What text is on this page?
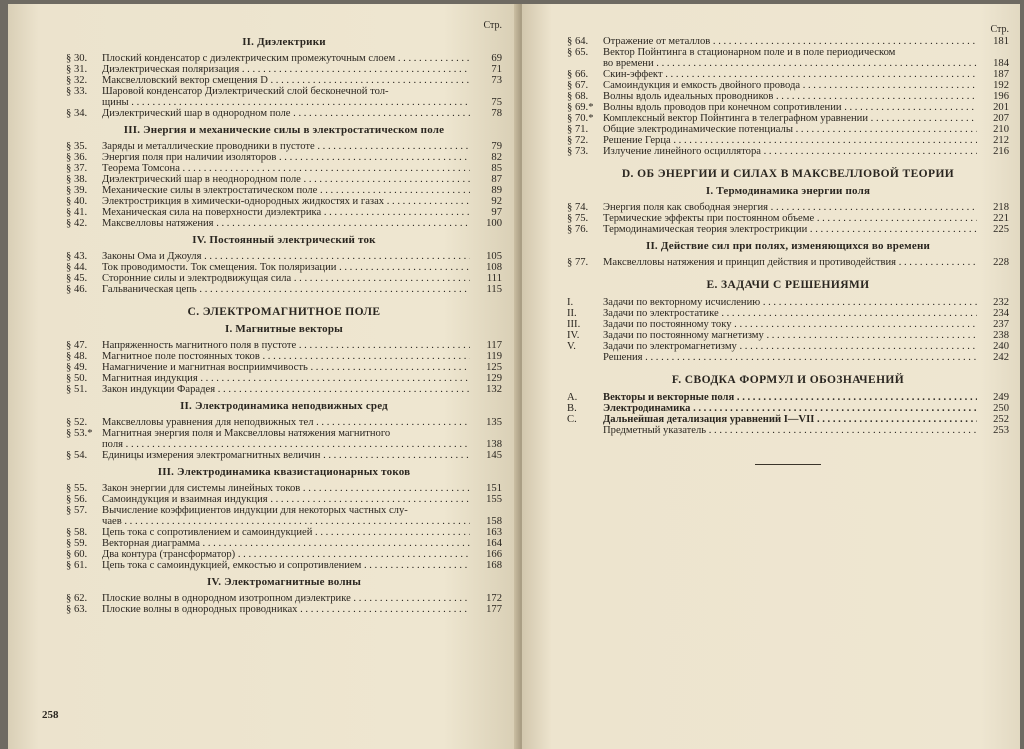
Стр.
II. Диэлектрики
§ 30.	Плоский конденсатор с диэлектрическим промежуточным слоем . . .	69
§ 31.	Диэлектрическая поляризация . . .	71
§ 32.	Максвелловский вектор смещения D . . .	73
§ 33.	Шаровой конденсатор Диэлектрический слой бесконечной тол-
щины . . .	75
§ 34.	Диэлектрический шар в однородном поле . . .	78
III. Энергия и механические силы в электростатическом поле
§ 35.	Заряды и металлические проводники в пустоте . . .	79
§ 36.	Энергия поля при наличии изоляторов . . .	82
§ 37.	Теорема Томсона . . .	85
§ 38.	Диэлектрический шар в неоднородном поле . . .	87
§ 39.	Механические силы в электростатическом поле . . .	89
§ 40.	Электрострикция в химически-однородных жидкостях и газах . . .	92
§ 41.	Механическая сила на поверхности диэлектрика . . .	97
§ 42.	Максвелловы натяжения . . .	100
IV. Постоянный электрический ток
§ 43.	Законы Ома и Джоуля . . .	105
§ 44.	Ток проводимости. Ток смещения. Ток поляризации . . .	108
§ 45.	Сторонние силы и электродвижущая сила . . .	111
§ 46.	Гальваническая цепь . . .	115
C. ЭЛЕКТРОМАГНИТНОЕ ПОЛЕ
I. Магнитные векторы
§ 47.	Напряженность магнитного поля в пустоте . . .	117
§ 48.	Магнитное поле постоянных токов . . .	119
§ 49.	Намагничение и магнитная восприимчивость . . .	125
§ 50.	Магнитная индукция . . .	129
§ 51.	Закон индукции Фарадея . . .	132
II. Электродинамика неподвижных сред
§ 52.	Максвелловы уравнения для неподвижных тел . . .	135
§ 53.* Магнитная энергия поля и Максвелловы натяжения магнитного
поля . . .	138
§ 54.	Единицы измерения электромагнитных величин . . .	145
III. Электродинамика квазистационарных токов
§ 55.	Закон энергии для системы линейных токов . . .	151
§ 56.	Самоиндукция и взаимная индукция . . .	155
§ 57.	Вычисление коэффициентов индукции для некоторых частных слу-
чаев . . .	158
§ 58.	Цепь тока с сопротивлением и самоиндукцией . . .	163
§ 59.	Векторная диаграмма . . .	164
§ 60.	Два контура (трансформатор) . . .	166
§ 61.	Цепь тока с самоиндукцией, емкостью и сопротивлением . . .	168
IV. Электромагнитные волны
§ 62.	Плоские волны в однородном изотропном диэлектрике . . .	172
§ 63.	Плоские волны в однородных проводниках . . .	177
258
Стр.
§ 64.	Отражение от металлов . . .	181
§ 65.	Вектор Пойнтинга в стационарном поле и в поле периодическом
во времени . . .	184
§ 66.	Скин-эффект . . .	187
§ 67.	Самоиндукция и емкость двойного провода . . .	192
§ 68.	Волны вдоль идеальных проводников . . .	196
§ 69.* Волны вдоль проводов при конечном сопротивлении . . .	201
§ 70.* Комплексный вектор Пойнтинга в телеграфном уравнении . . .	207
§ 71.	Общие электродинамические потенциалы . . .	210
§ 72.	Решение Герца . . .	212
§ 73.	Излучение линейного осциллятора . . .	216
D. ОБ ЭНЕРГИИ И СИЛАХ В МАКСВЕЛЛОВОЙ ТЕОРИИ
I. Термодинамика энергии поля
§ 74.	Энергия поля как свободная энергия . . .	218
§ 75.	Термические эффекты при постоянном объеме . . .	221
§ 76.	Термодинамическая теория электрострикции . . .	225
II. Действие сил при полях, изменяющихся во времени
§ 77.	Максвелловы натяжения и принцип действия и противодействия . . .	228
E. ЗАДАЧИ С РЕШЕНИЯМИ
I.	Задачи по векторному исчислению . . .	232
II.	Задачи по электростатике . . .	234
III.	Задачи по постоянному току . . .	237
IV.	Задачи по постоянному магнетизму . . .	238
V.	Задачи по электромагнетизму . . .	240
Решения . . .	242
F. СВОДКА ФОРМУЛ И ОБОЗНАЧЕНИЙ
A.	Векторы и векторные поля . . .	249
B.	Электродинамика . . .	250
C.	Дальнейшая детализация уравнений I—VII . . .	252
Предметный указатель . . .	253
